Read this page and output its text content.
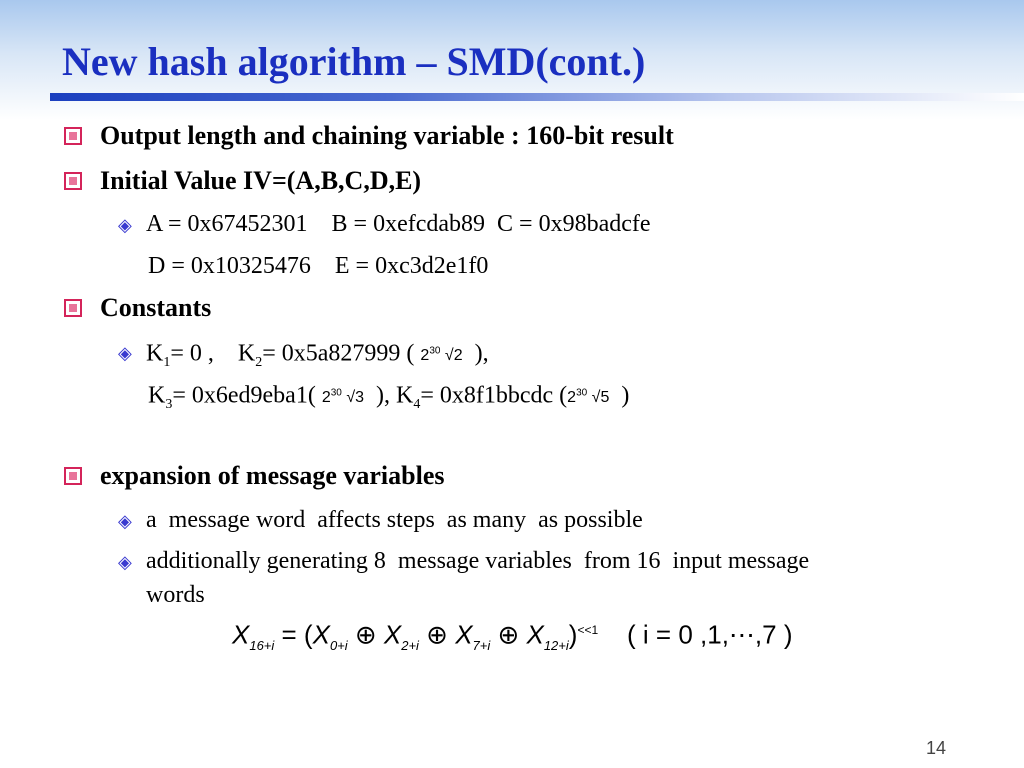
New hash algorithm – SMD(cont.)
Output length and chaining variable : 160-bit result
Initial Value IV=(A,B,C,D,E)
◈ A = 0x67452301    B = 0xefcdab89  C = 0x98badcfe
D = 0x10325476    E = 0xc3d2e1f0
Constants
◈ $K_1= 0$ , $K_2= 0x5a827999$ ( $2^{30}$ √2 ),
$K_3= 0x6ed9eba1$( $2^{30}$ √3 ), $K_4=$ 0x8f1bbcdc ($2^{30}$ √5 )
expansion of message variables
◈ a  message word  affects steps  as many  as possible
◈ additionally generating 8  message variables  from 16  input message
words
$X_{16+i} = (X_{0+i}$ ⊕ $X_{2+i}$ ⊕ $X_{7+i}$ ⊕ $X_{12+i})^{<<1}$    ( i = 0 ,1,⋯,7 )
14
